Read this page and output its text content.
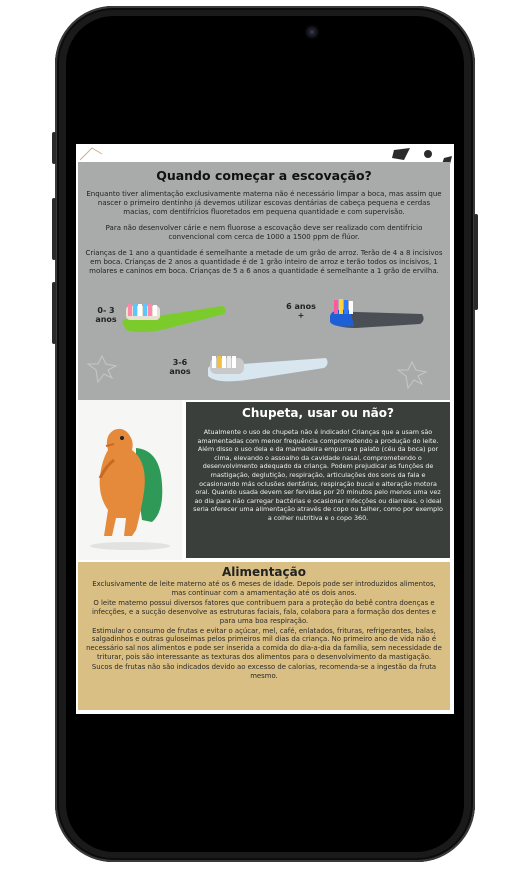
Quando começar a escovação?

Enquanto tiver alimentação exclusivamente materna não é necessário limpar a boca, mas assim que nascer o primeiro dentinho já devemos utilizar escovas dentárias de cabeça pequena e cerdas macias, com dentifrícios fluoretados em pequena quantidade e com supervisão.

Para não desenvolver cárie e nem fluorose a escovação deve ser realizado com dentifrício convencional com cerca de 1000 a 1500 ppm de flúor.

Crianças de 1 ano a quantidade é semelhante a metade de um grão de arroz. Terão de 4 a 8 incisivos em boca. Crianças de 2 anos a quantidade é de 1 grão inteiro de arroz e terão todos os incisivos, 1 molares e caninos em boca. Crianças de 5 a 6 anos a quantidade é semelhante a 1 grão de ervilha.

0- 3 anos
6 anos +
3-6 anos
Chupeta, usar ou não?

Atualmente o uso de chupeta não é indicado! Crianças que a usam são amamentadas com menor frequência comprometendo a produção do leite. Além disso o uso dela e da mamadeira empurra o palato (céu da boca) por cima, elevando o assoalho da cavidade nasal, comprometendo o desenvolvimento adequado da criança. Podem prejudicar as funções de mastigação, deglutição, respiração, articulações dos sons da fala e ocasionando más oclusões dentárias, respiração bucal e alteração motora oral. Quando usada devem ser fervidas por 20 minutos pelo menos uma vez ao dia para não carregar bactérias e ocasionar infecções ou diarreias, o ideal seria oferecer uma alimentação através de copo ou talher, como por exemplo a colher nutritiva e o copo 360.

Alimentação

Exclusivamente de leite materno até os 6 meses de idade. Depois pode ser introduzidos alimentos, mas continuar com a amamentação até os dois anos.

O leite materno possui diversos fatores que contribuem para a proteção do bebê contra doenças e infecções, e a sucção desenvolve as estruturas faciais, fala, colabora para a formação dos dentes e para uma boa respiração.

Estimular o consumo de frutas e evitar o açúcar, mel, café, enlatados, frituras, refrigerantes, balas, salgadinhos e outras guloseimas pelos primeiros mil dias da criança. No primeiro ano de vida não é necessário sal nos alimentos e pode ser inserida a comida do dia-a-dia da família, sem necessidade de triturar, pois são interessante as texturas dos alimentos para o desenvolvimento da mastigação.

Sucos de frutas não são indicados devido ao excesso de calorias, recomenda-se a ingestão da fruta mesmo.
